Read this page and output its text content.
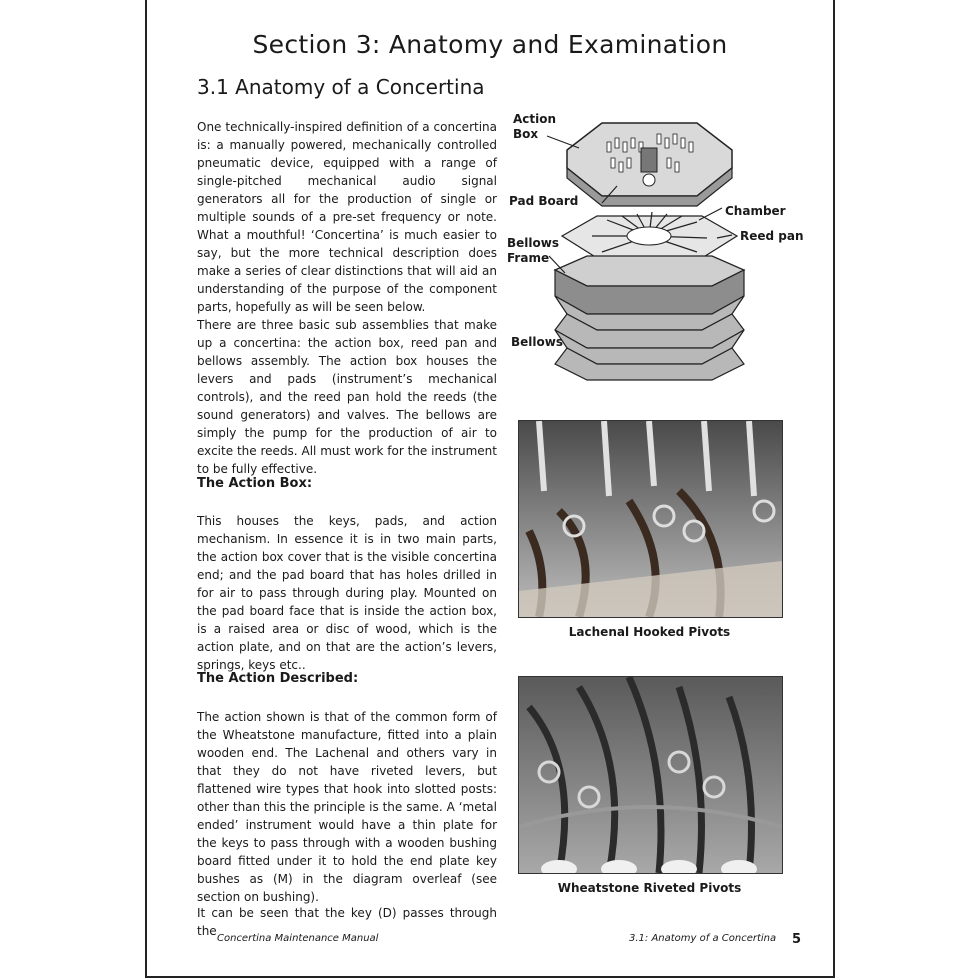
Section 3: Anatomy and Examination
3.1 Anatomy of a Concertina

One technically-inspired definition of a concertina is: a manually powered, mechanically controlled pneumatic device, equipped with a range of single-pitched mechanical audio signal generators all for the production of single or multiple sounds of a pre-set frequency or note. What a mouthful! ‘Concertina’ is much easier to say, but the more technical description does make a series of clear distinctions that will aid an understanding of the purpose of the component parts, hopefully as will be seen below.

There are three basic sub assemblies that make up a concertina: the action box, reed pan and bellows assembly. The action box houses the levers and pads (instrument’s mechanical controls), and the reed pan hold the reeds (the sound generators) and valves. The bellows are simply the pump for the production of air to excite the reeds. All must work for the instrument to be fully effective.

The Action Box:

This houses the keys, pads, and action mechanism. In essence it is in two main parts, the action box cover that is the visible concertina end; and the pad board that has holes drilled in for air to pass through during play. Mounted on the pad board face that is inside the action box, is a raised area or disc of wood, which is the action plate, and on that are the action’s levers, springs, keys etc..

The Action Described:

The action shown is that of the common form of the Wheatstone manufacture, fitted into a plain wooden end. The Lachenal and others vary in that they do not have riveted levers, but flattened wire types that hook into slotted posts: other than this the principle is the same. A ‘metal ended’ instrument would have a thin plate for the keys to pass through with a wooden bushing board fitted under it to hold the end plate key bushes as (M) in the diagram overleaf (see section on bushing).

It can be seen that the key (D) passes through the

Action
Box
Pad Board
Chamber
Reed pan
Bellows
Frame
Bellows
Lachenal Hooked Pivots
Wheatstone Riveted Pivots
Concertina Maintenance Manual	3.1: Anatomy of a Concertina 5
